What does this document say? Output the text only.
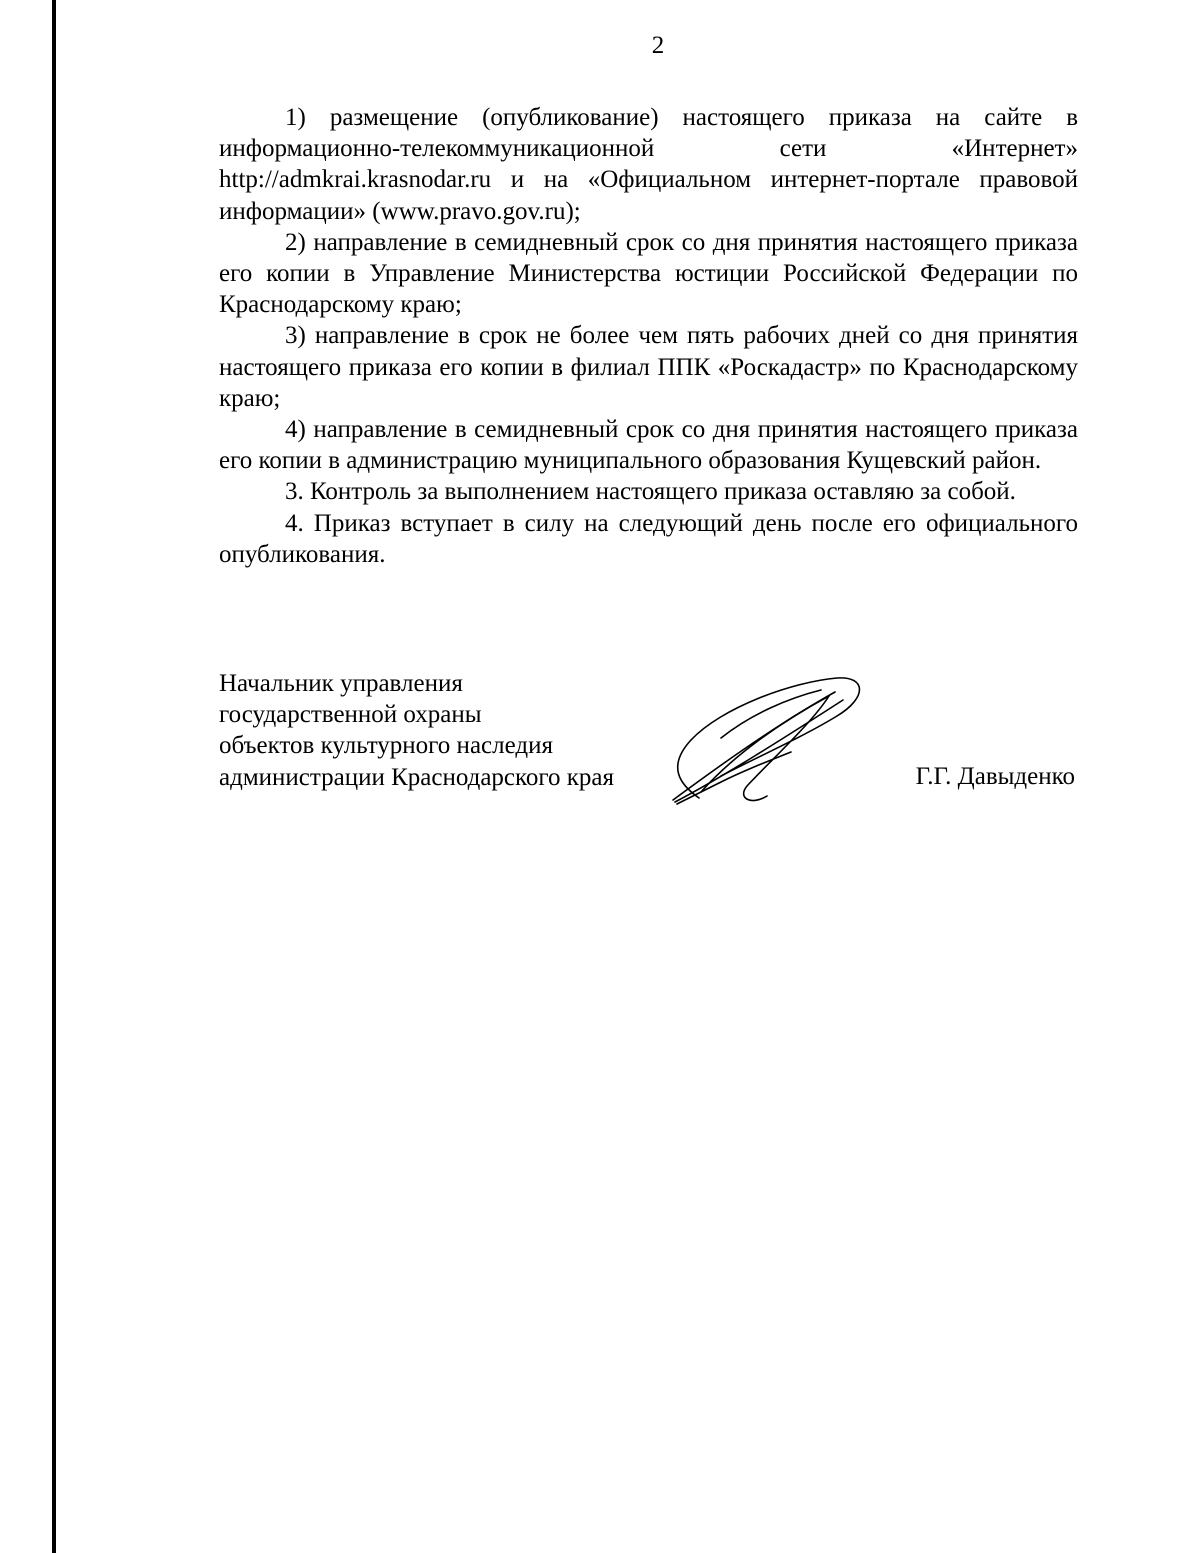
2

1) размещение (опубликование) настоящего приказа на сайте в информационно-телекоммуникационной сети «Интернет» http://admkrai.krasnodar.ru и на «Официальном интернет-портале правовой информации» (www.pravo.gov.ru);

2) направление в семидневный срок со дня принятия настоящего приказа его копии в Управление Министерства юстиции Российской Федерации по Краснодарскому краю;

3) направление в срок не более чем пять рабочих дней со дня принятия настоящего приказа его копии в филиал ППК «Роскадастр» по Краснодарскому краю;

4) направление в семидневный срок со дня принятия настоящего приказа его копии в администрацию муниципального образования Кущевский район.

3. Контроль за выполнением настоящего приказа оставляю за собой.

4. Приказ вступает в силу на следующий день после его официального опубликования.

Начальник управления
государственной охраны
объектов культурного наследия
администрации Краснодарского края	Г.Г. Давыденко
